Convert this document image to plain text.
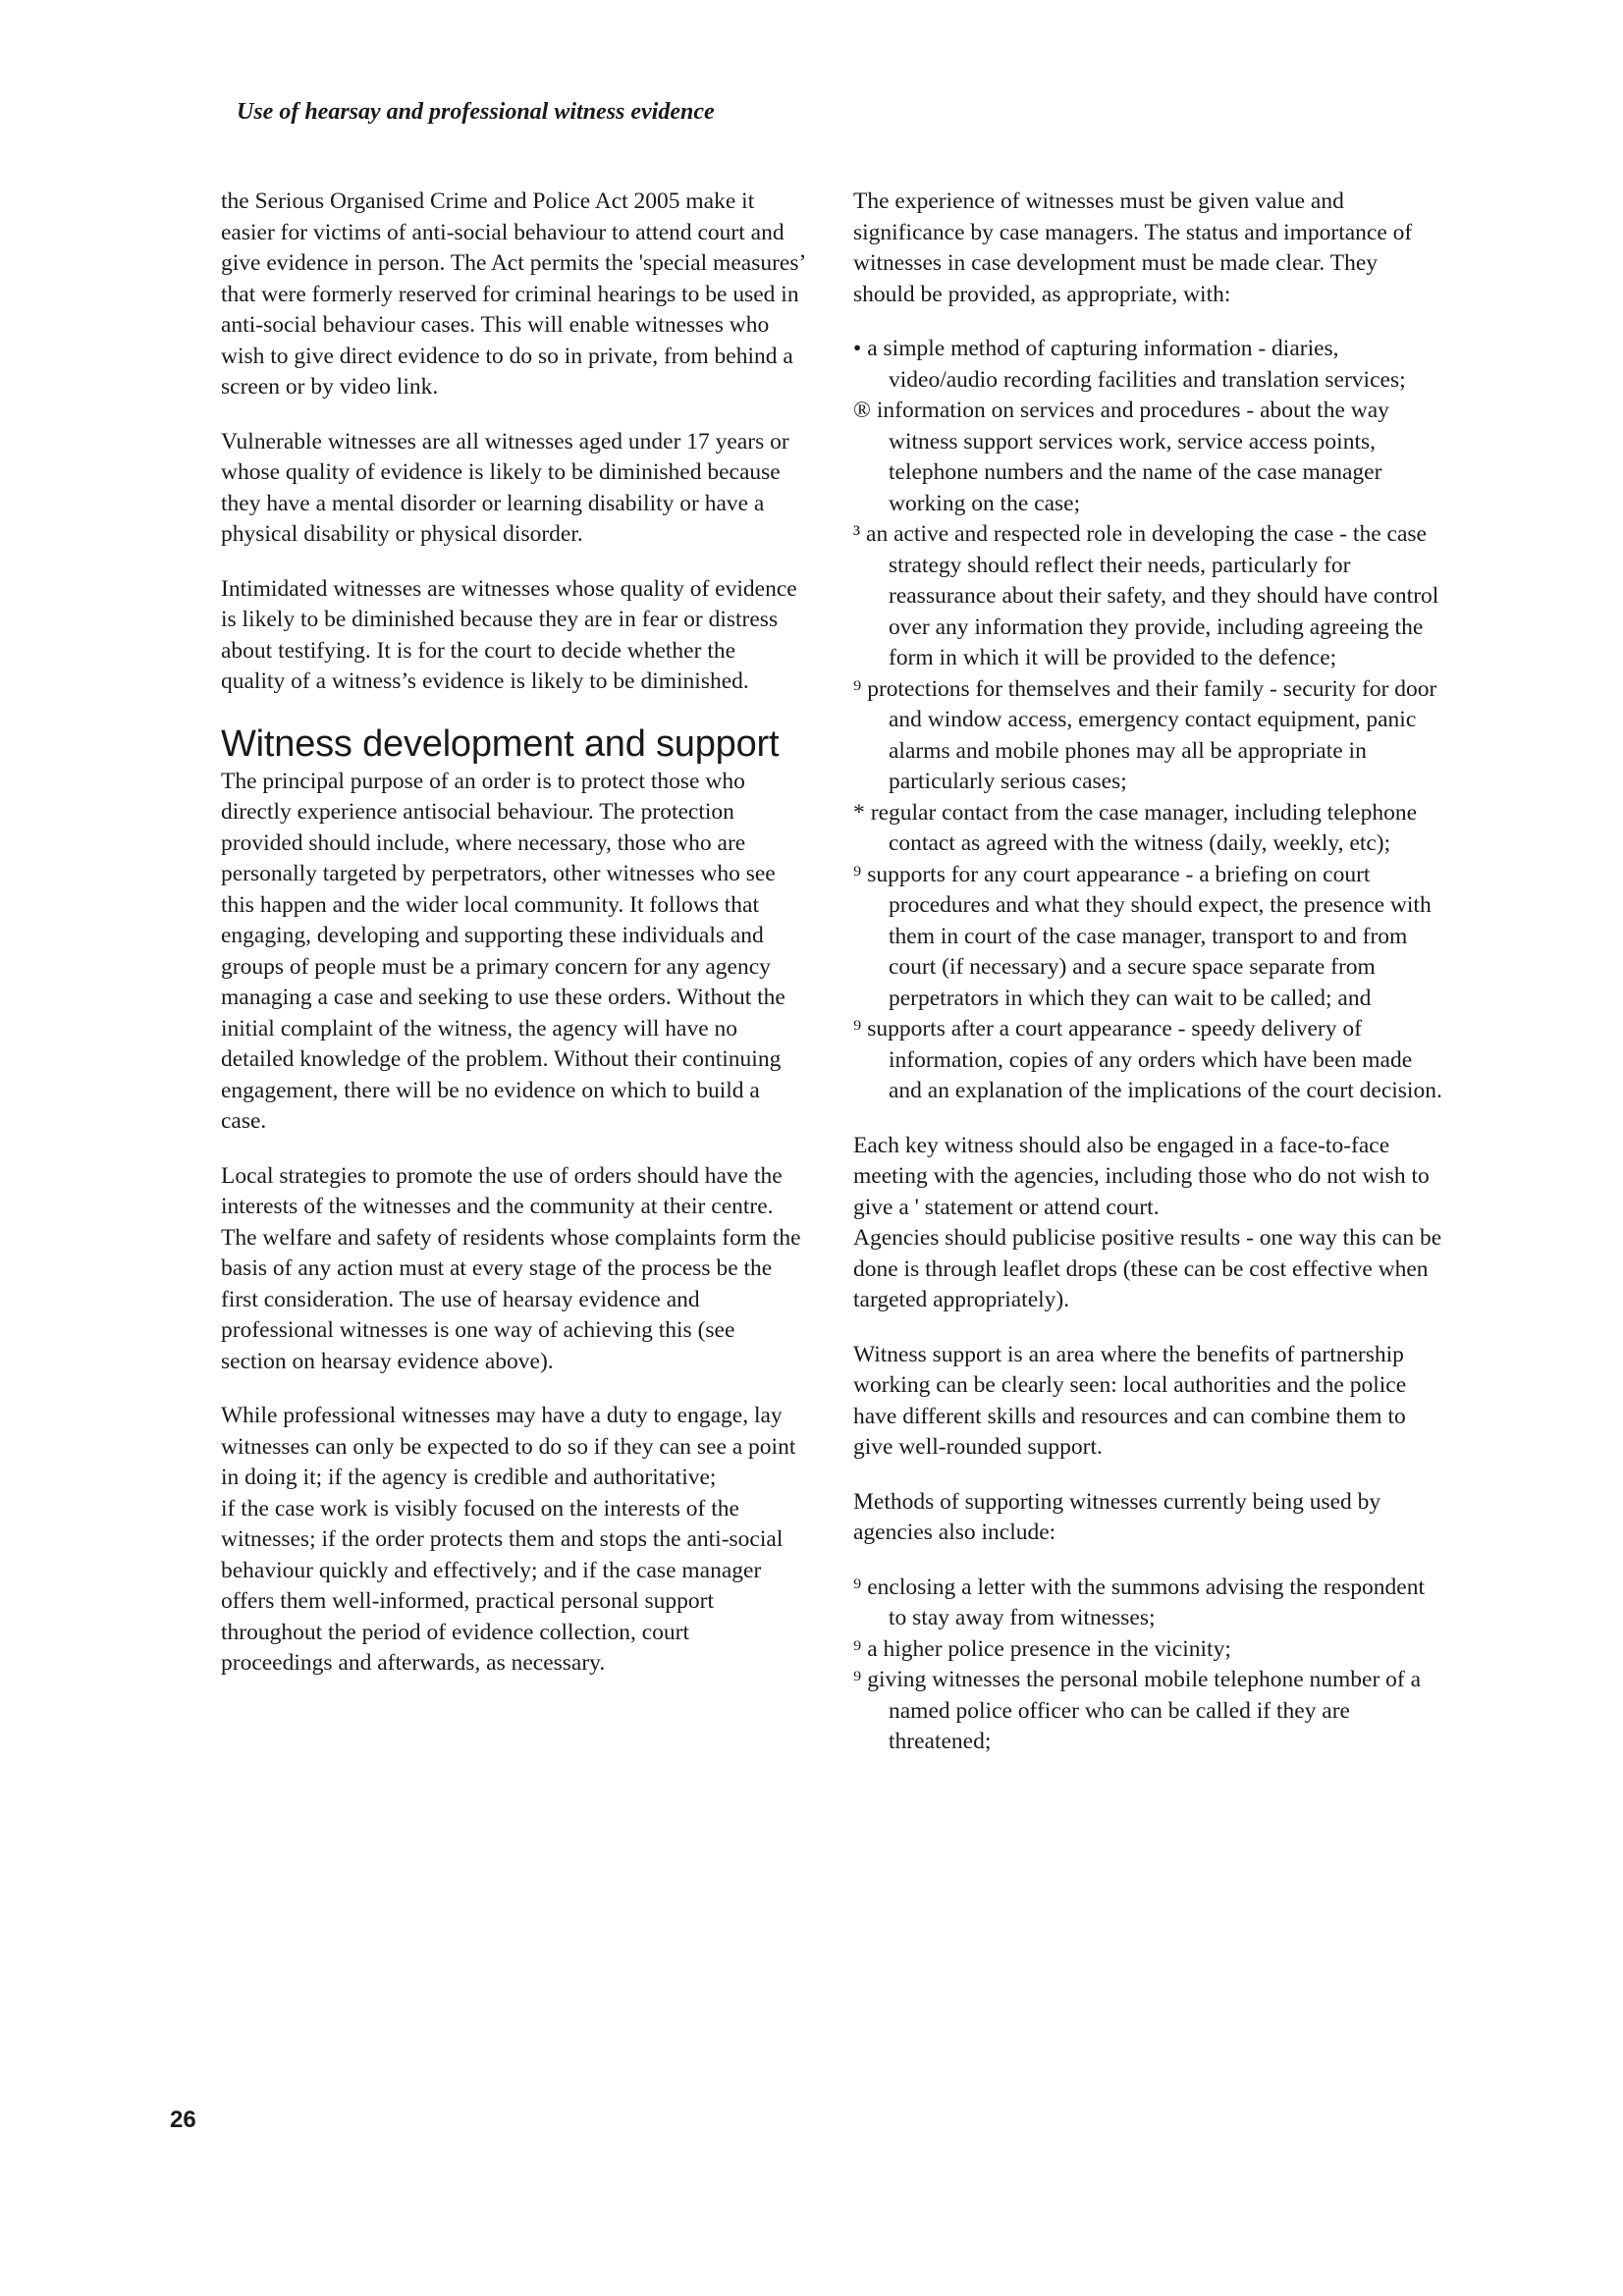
Use of hearsay and professional witness evidence

the Serious Organised Crime and Police Act 2005 make it easier for victims of anti-social behaviour to attend court and give evidence in person. The Act permits the 'special measures’ that were formerly reserved for criminal hearings to be used in anti-social behaviour cases. This will enable witnesses who wish to give direct evidence to do so in private, from behind a screen or by video link.

Vulnerable witnesses are all witnesses aged under 17 years or whose quality of evidence is likely to be diminished because they have a mental disorder or learning disability or have a physical disability or physical disorder.

Intimidated witnesses are witnesses whose quality of evidence is likely to be diminished because they are in fear or distress about testifying. It is for the court to decide whether the quality of a witness’s evidence is likely to be diminished.

Witness development and support

The principal purpose of an order is to protect those who directly experience antisocial behaviour. The protection provided should include, where necessary, those who are personally targeted by perpetrators, other witnesses who see this happen and the wider local community. It follows that engaging, developing and supporting these individuals and groups of people must be a primary concern for any agency managing a case and seeking to use these orders. Without the initial complaint of the witness, the agency will have no detailed knowledge of the problem. Without their continuing engagement, there will be no evidence on which to build a case.

Local strategies to promote the use of orders should have the interests of the witnesses and the community at their centre. The welfare and safety of residents whose complaints form the basis of any action must at every stage of the process be the first consideration. The use of hearsay evidence and professional witnesses is one way of achieving this (see section on hearsay evidence above).

While professional witnesses may have a duty to engage, lay witnesses can only be expected to do so if they can see a point in doing it; if the agency is credible and authoritative;

if the case work is visibly focused on the interests of the witnesses; if the order protects them and stops the anti-social behaviour quickly and effectively; and if the case manager offers them well-informed, practical personal support throughout the period of evidence collection, court proceedings and afterwards, as necessary.

The experience of witnesses must be given value and significance by case managers. The status and importance of witnesses in case development must be made clear. They should be provided, as appropriate, with:

• a simple method of capturing information - diaries, video/audio recording facilities and translation services;
® information on services and procedures - about the way witness support services work, service access points, telephone numbers and the name of the case manager working on the case;
³ an active and respected role in developing the case - the case strategy should reflect their needs, particularly for reassurance about their safety, and they should have control over any information they provide, including agreeing the form in which it will be provided to the defence;
⁹ protections for themselves and their family - security for door and window access, emergency contact equipment, panic alarms and mobile phones may all be appropriate in particularly serious cases;
* regular contact from the case manager, including telephone contact as agreed with the witness (daily, weekly, etc);
⁹ supports for any court appearance - a briefing on court procedures and what they should expect, the presence with them in court of the case manager, transport to and from court (if necessary) and a secure space separate from perpetrators in which they can wait to be called; and
⁹ supports after a court appearance - speedy delivery of information, copies of any orders which have been made and an explanation of the implications of the court decision.

Each key witness should also be engaged in a face-to-face meeting with the agencies, including those who do not wish to give a ' statement or attend court.

Agencies should publicise positive results - one way this can be done is through leaflet drops (these can be cost effective when targeted appropriately).

Witness support is an area where the benefits of partnership working can be clearly seen: local authorities and the police have different skills and resources and can combine them to give well-rounded support.

Methods of supporting witnesses currently being used by agencies also include:

⁹ enclosing a letter with the summons advising the respondent to stay away from witnesses;
⁹ a higher police presence in the vicinity;
⁹ giving witnesses the personal mobile telephone number of a named police officer who can be called if they are threatened;
26
